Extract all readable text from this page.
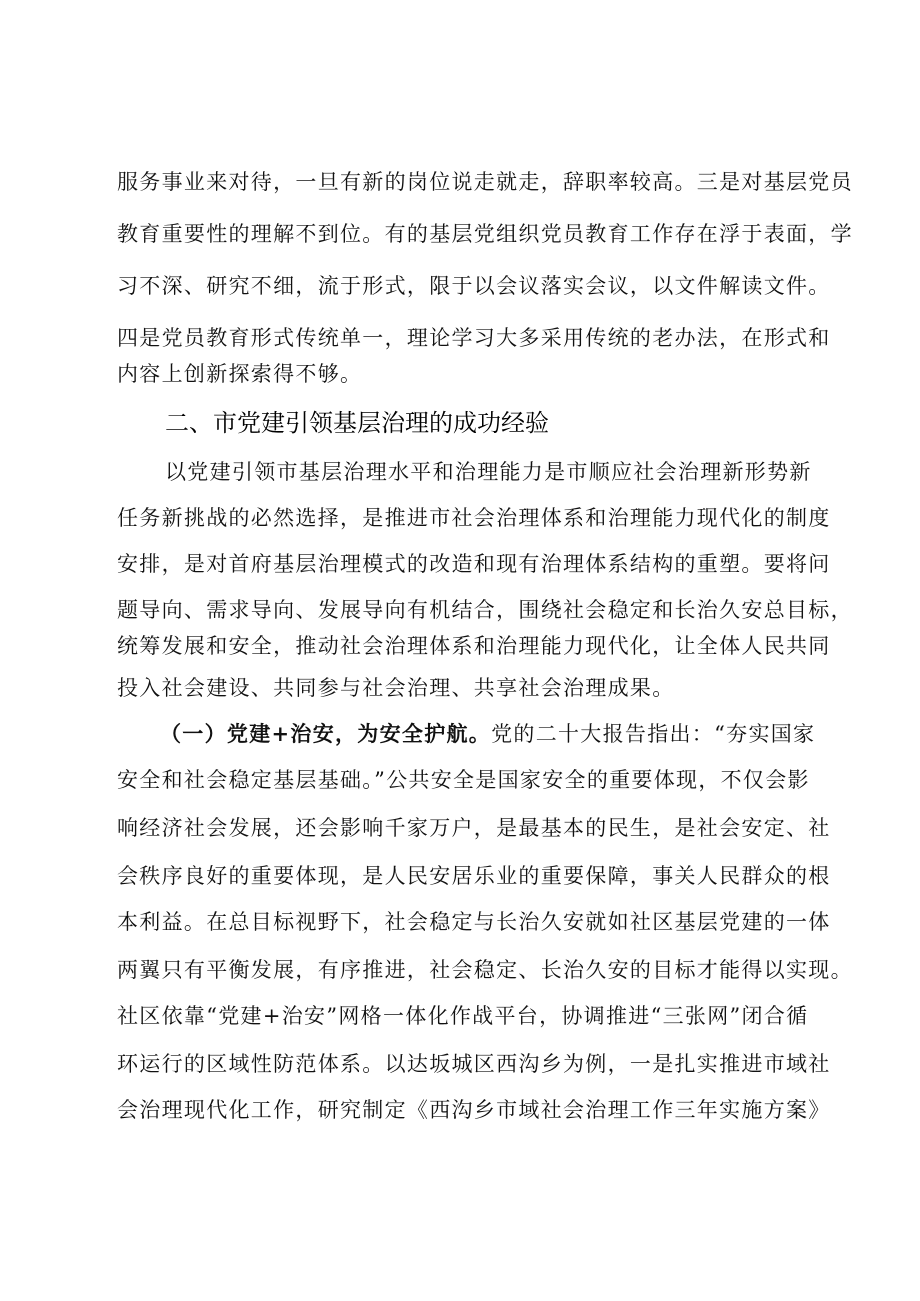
服务事业来对待，一旦有新的岗位说走就走，辞职率较高。三是对基层党员
教育重要性的理解不到位。有的基层党组织党员教育工作存在浮于表面，学
习不深、研究不细，流于形式，限于以会议落实会议，以文件解读文件。
四是党员教育形式传统单一，理论学习大多采用传统的老办法，在形式和
内容上创新探索得不够。
二、市党建引领基层治理的成功经验
以党建引领市基层治理水平和治理能力是市顺应社会治理新形势新
任务新挑战的必然选择，是推进市社会治理体系和治理能力现代化的制度
安排，是对首府基层治理模式的改造和现有治理体系结构的重塑。要将问
题导向、需求导向、发展导向有机结合，围绕社会稳定和长治久安总目标，
统筹发展和安全，推动社会治理体系和治理能力现代化，让全体人民共同
投入社会建设、共同参与社会治理、共享社会治理成果。
（一）党建+治安，为安全护航。党的二十大报告指出：“夯实国家
安全和社会稳定基层基础。”公共安全是国家安全的重要体现，不仅会影
响经济社会发展，还会影响千家万户，是最基本的民生，是社会安定、社
会秩序良好的重要体现，是人民安居乐业的重要保障，事关人民群众的根
本利益。在总目标视野下，社会稳定与长治久安就如社区基层党建的一体
两翼只有平衡发展，有序推进，社会稳定、长治久安的目标才能得以实现。
社区依靠“党建+治安”网格一体化作战平台，协调推进“三张网”闭合循
环运行的区域性防范体系。以达坂城区西沟乡为例，一是扎实推进市域社
会治理现代化工作，研究制定《西沟乡市域社会治理工作三年实施方案》
